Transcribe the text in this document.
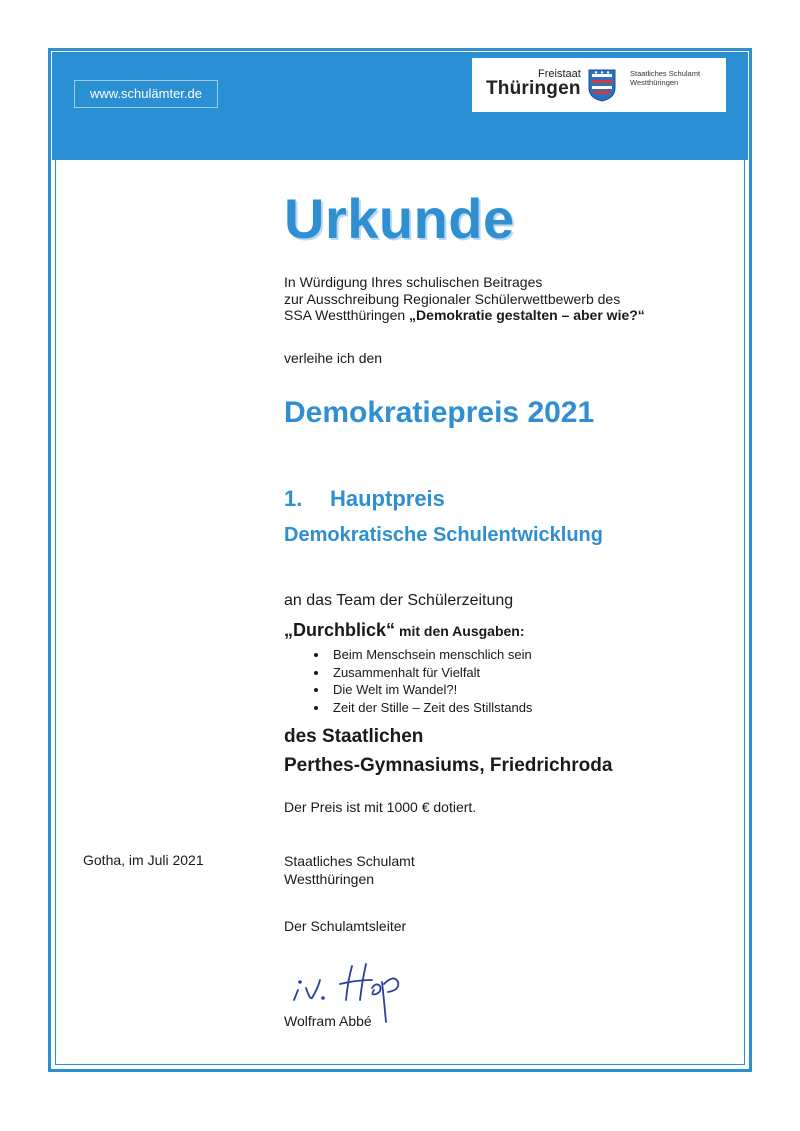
www.schulämter.de
Freistaat
Thüringen
Staatliches Schulamt
Westthüringen
Urkunde
In Würdigung Ihres schulischen Beitrages
zur Ausschreibung Regionaler Schülerwettbewerb des
SSA Westthüringen „Demokratie gestalten – aber wie?“
verleihe ich den
Demokratiepreis 2021
1. Hauptpreis
Demokratische Schulentwicklung
an das Team der Schülerzeitung
„Durchblick“ mit den Ausgaben:
• Beim Menschsein menschlich sein
• Zusammenhalt für Vielfalt
• Die Welt im Wandel?!
• Zeit der Stille – Zeit des Stillstands
des Staatlichen
Perthes-Gymnasiums, Friedrichroda
Der Preis ist mit 1000 € dotiert.
Gotha, im Juli 2021	Staatliches Schulamt
Westthüringen
Der Schulamtsleiter
Wolfram Abbé
